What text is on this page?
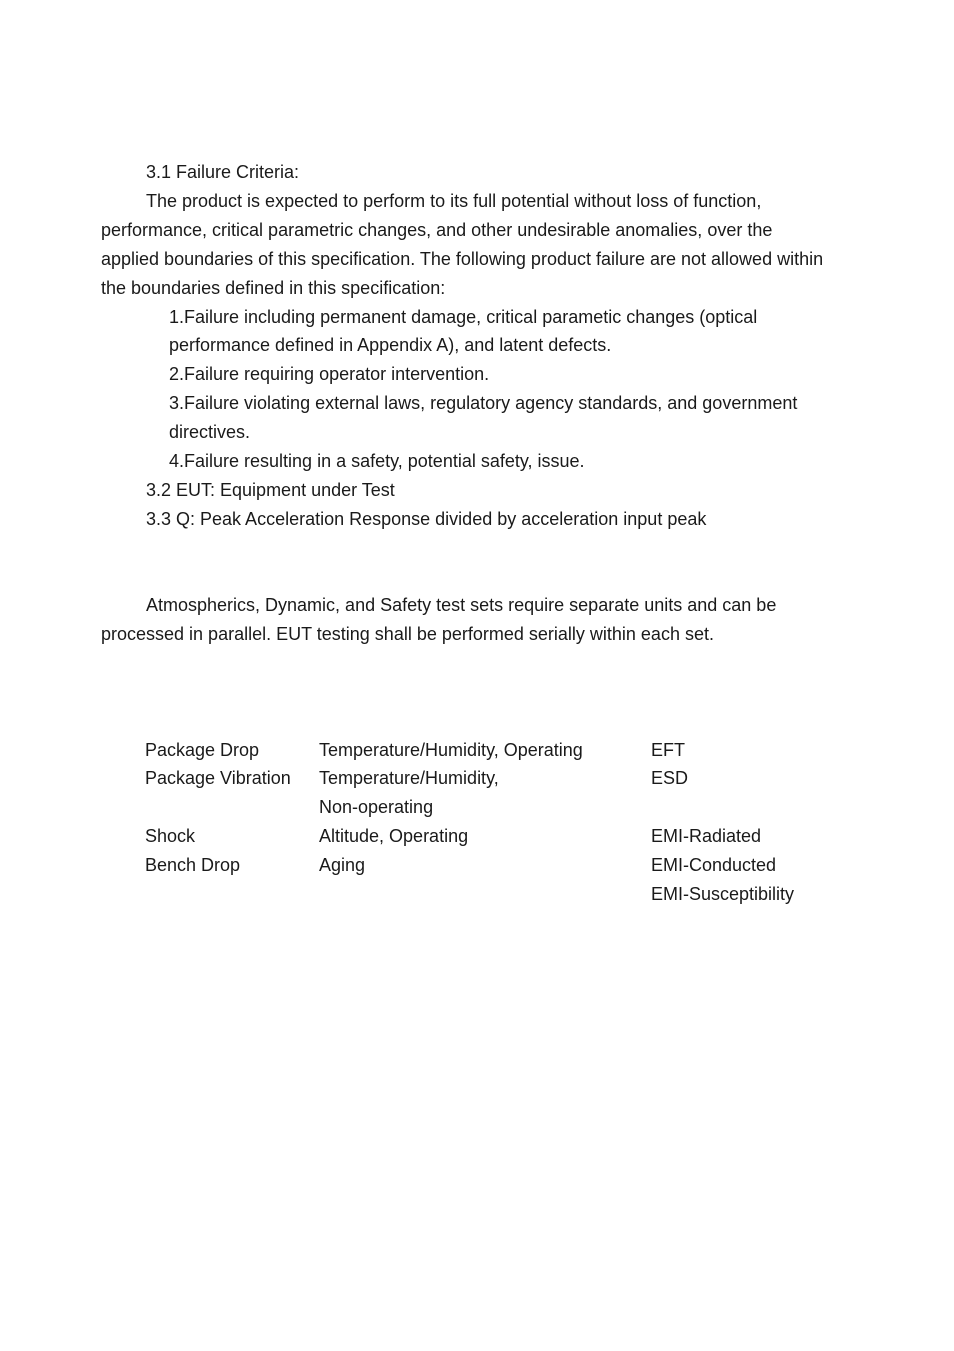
3.1 Failure Criteria:
The product is expected to perform to its full potential without loss of function,
performance, critical parametric changes, and other undesirable anomalies, over the
applied boundaries of this specification. The following product failure are not allowed within
the boundaries defined in this specification:
1.Failure including permanent damage, critical parametic changes (optical
performance defined in Appendix A), and latent defects.
2.Failure requiring operator intervention.
3.Failure violating external laws, regulatory agency standards, and government
directives.
4.Failure resulting in a safety, potential safety, issue.
3.2 EUT: Equipment under Test
3.3 Q: Peak Acceleration Response divided by acceleration input peak
Atmospherics, Dynamic, and Safety test sets require separate units and can be
processed in parallel. EUT testing shall be performed serially within each set.
Package Drop
Package Vibration
Shock
Bench Drop
Temperature/Humidity, Operating
Temperature/Humidity,
Non-operating
Altitude, Operating
Aging
EFT
ESD
EMI-Radiated
EMI-Conducted
EMI-Susceptibility
